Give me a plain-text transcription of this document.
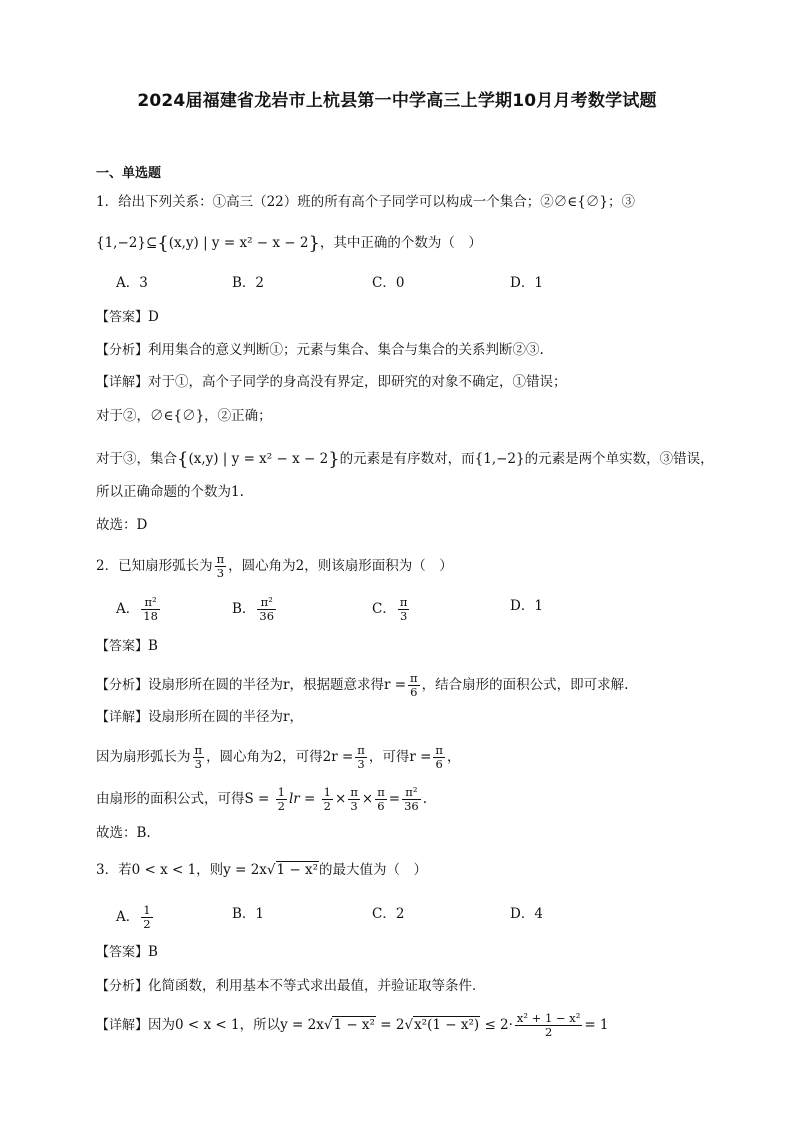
2024届福建省龙岩市上杭县第一中学高三上学期10月月考数学试题
一、单选题
1．给出下列关系：①高三（22）班的所有高个子同学可以构成一个集合；②∅∈{∅}；③
{1,−2}⊆{(x,y) | y = x² − x − 2}，其中正确的个数为（　）
A．3	B．2	C．0	D．1
【答案】D
【分析】利用集合的意义判断①；元素与集合、集合与集合的关系判断②③.
【详解】对于①，高个子同学的身高没有界定，即研究的对象不确定，①错误；
对于②，∅∈{∅}，②正确；
对于③，集合{(x,y) | y = x² − x − 2}的元素是有序数对，而{1,−2}的元素是两个单实数，③错误，
所以正确命题的个数为1.
故选：D
2．已知扇形弧长为 $\frac{\pi}{3}$ ，圆心角为2，则该扇形面积为（　）
A． $\frac{\text{π²}}{18}$	B． $\frac{\text{π²}}{36}$	C． $\frac{\pi}{3}$	D．1
【答案】B
【分析】设扇形所在圆的半径为r，根据题意求得$r = \frac{\pi}{6}$ ，结合扇形的面积公式，即可求解.
【详解】设扇形所在圆的半径为r，
因为扇形弧长为 $\frac{\pi}{3}$ ，圆心角为2，可得$2r = \frac{\pi}{3}$ ，可得$r = \frac{\pi}{6}$ ，
由扇形的面积公式，可得$S = \frac{1}{2}$ lr = $\frac{1}{2} \times \frac{\pi}{3} \times \frac{\pi}{6} = \frac{\text{π²}}{36}$ .
故选：B.
3．若0 < x < 1，则y = 2x√1 − x²的最大值为（　）
A． $\frac{1}{2}$	B．1	C．2	D．4
【答案】B
【分析】化简函数，利用基本不等式求出最值，并验证取等条件．
【详解】因为0 < x < 1，所以$y = 2x√1 - x^2 = 2√x^2(1 - x^2) \le 2\cdot \frac{\text{x² + 1 − x²}}{2} = 1$
